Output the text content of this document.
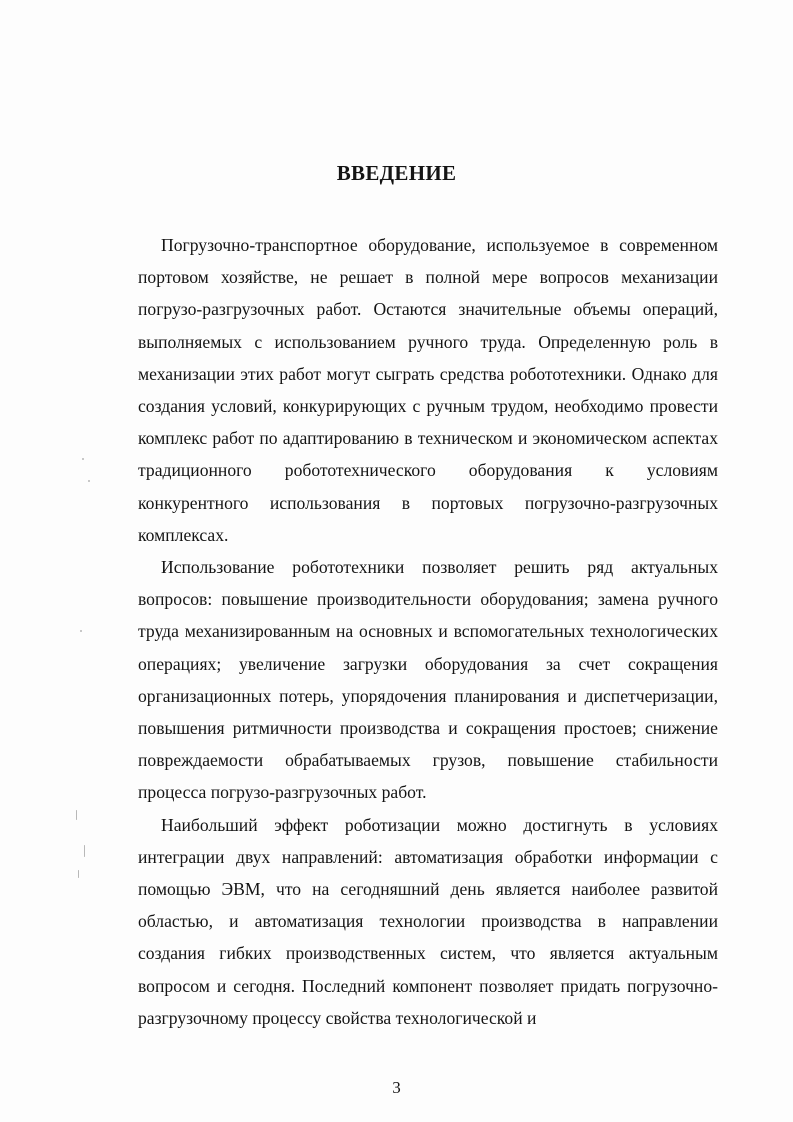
ВВЕДЕНИЕ

Погрузочно-транспортное оборудование, используемое в современном портовом хозяйстве, не решает в полной мере вопросов механизации погрузо-разгрузочных работ. Остаются значительные объемы операций, выполняемых с использованием ручного труда. Определенную роль в механизации этих работ могут сыграть средства робототехники. Однако для создания условий, конкурирующих с ручным трудом, необходимо провести комплекс работ по адаптированию в техническом и экономическом аспектах традиционного робототехнического оборудования к условиям конкурентного использования в портовых погрузочно-разгрузочных комплексах.

Использование робототехники позволяет решить ряд актуальных вопросов: повышение производительности оборудования; замена ручного труда механизированным на основных и вспомогательных технологических операциях; увеличение загрузки оборудования за счет сокращения организационных потерь, упорядочения планирования и диспетчеризации, повышения ритмичности производства и сокращения простоев; снижение повреждаемости обрабатываемых грузов, повышение стабильности процесса погрузо-разгрузочных работ.

Наибольший эффект роботизации можно достигнуть в условиях интеграции двух направлений: автоматизация обработки информации с помощью ЭВМ, что на сегодняшний день является наиболее развитой областью, и автоматизация технологии производства в направлении создания гибких производственных систем, что является актуальным вопросом и сегодня. Последний компонент позволяет придать погрузочно-разгрузочному процессу свойства технологической и

3
